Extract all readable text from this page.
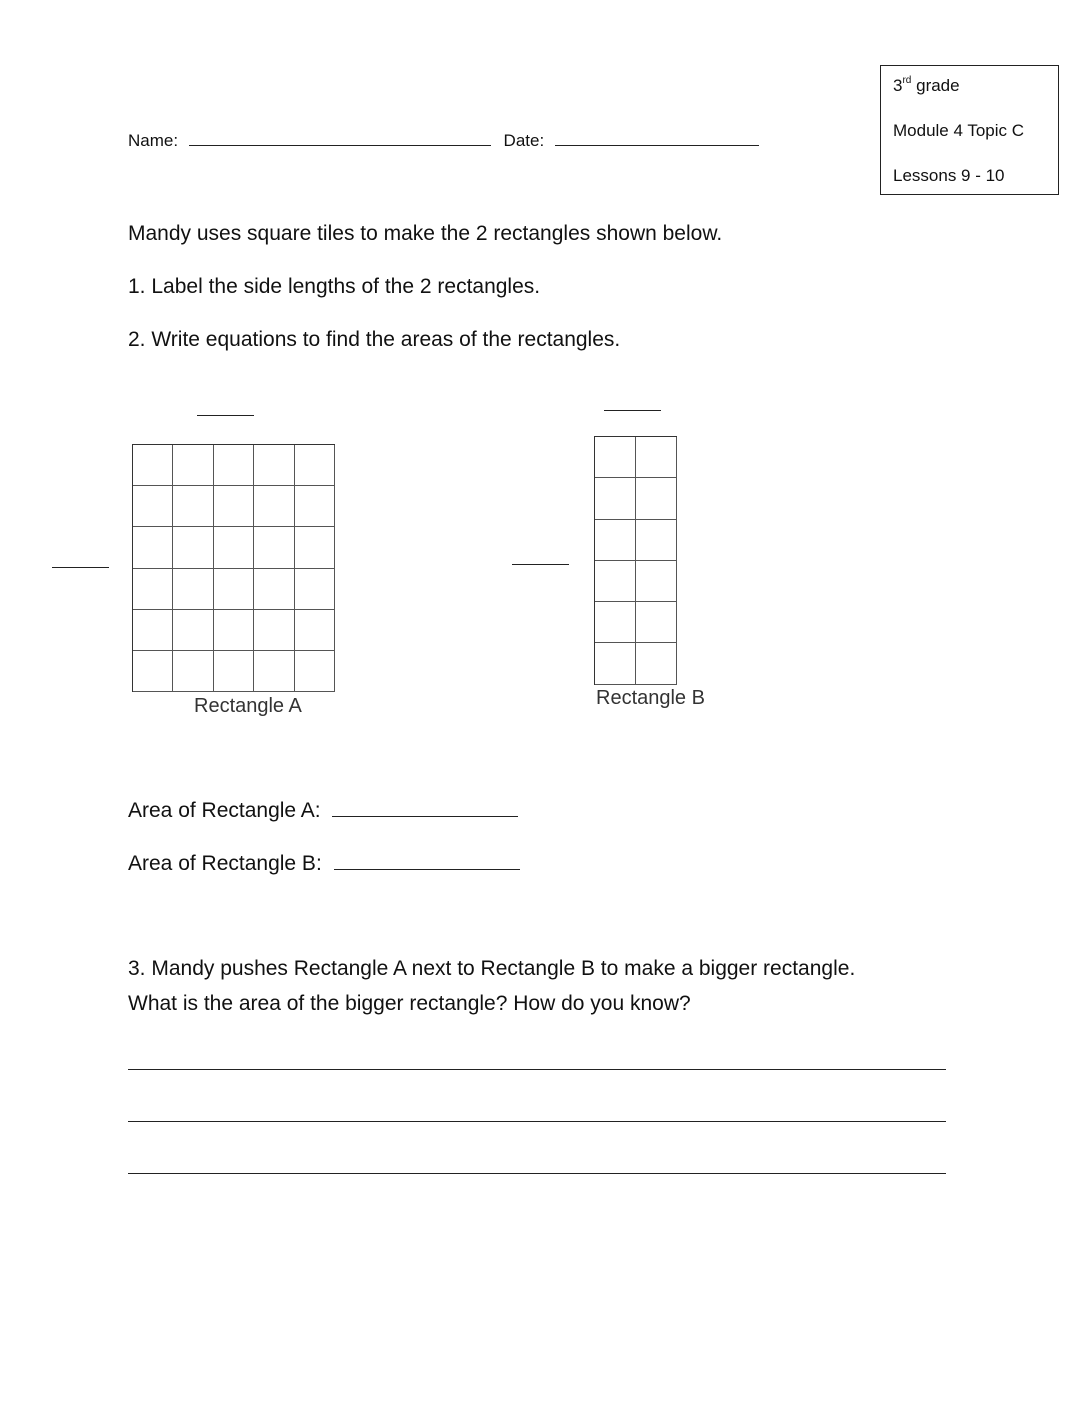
3rd grade
Module 4 Topic C
Lessons 9 - 10
Name:	Date:
Mandy uses square tiles to make the 2 rectangles shown below.
1. Label the side lengths of the 2 rectangles.
2. Write equations to find the areas of the rectangles.
Rectangle A	Rectangle B
Area of Rectangle A:
Area of Rectangle B:
3. Mandy pushes Rectangle A next to Rectangle B to make a bigger rectangle.
What is the area of the bigger rectangle? How do you know?
